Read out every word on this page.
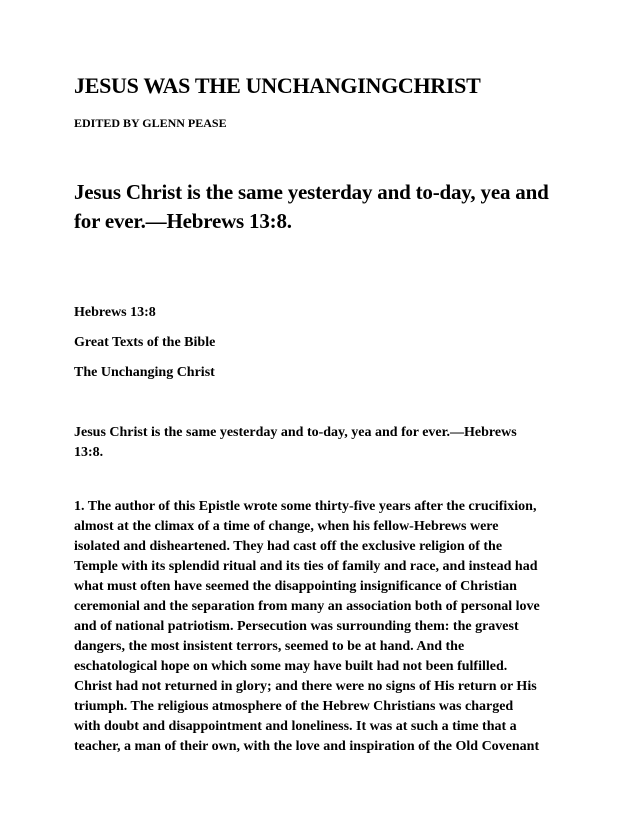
JESUS WAS THE UNCHANGINGCHRIST
EDITED BY GLENN PEASE
Jesus Christ is the same yesterday and to-day, yea and
for ever.—Hebrews 13:8.
Hebrews 13:8
Great Texts of the Bible
The Unchanging Christ
Jesus Christ is the same yesterday and to-day, yea and for ever.—Hebrews
13:8.
1. The author of this Epistle wrote some thirty-five years after the crucifixion,
almost at the climax of a time of change, when his fellow-Hebrews were
isolated and disheartened. They had cast off the exclusive religion of the
Temple with its splendid ritual and its ties of family and race, and instead had
what must often have seemed the disappointing insignificance of Christian
ceremonial and the separation from many an association both of personal love
and of national patriotism. Persecution was surrounding them: the gravest
dangers, the most insistent terrors, seemed to be at hand. And the
eschatological hope on which some may have built had not been fulfilled.
Christ had not returned in glory; and there were no signs of His return or His
triumph. The religious atmosphere of the Hebrew Christians was charged
with doubt and disappointment and loneliness. It was at such a time that a
teacher, a man of their own, with the love and inspiration of the Old Covenant
